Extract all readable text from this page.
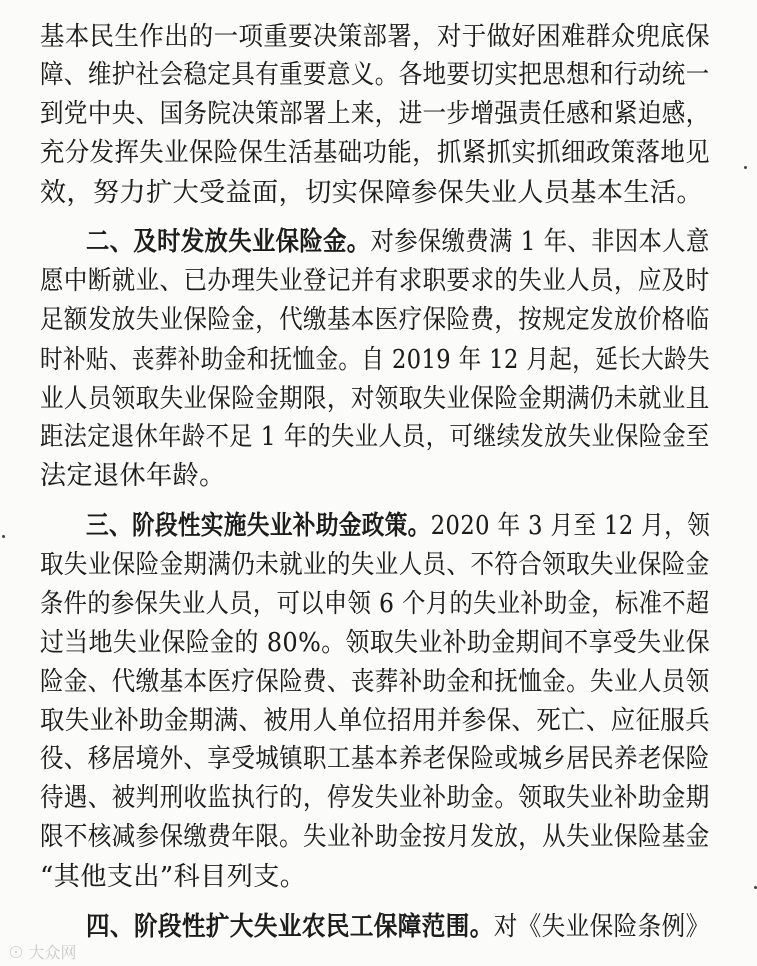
基本民生作出的一项重要决策部署，对于做好困难群众兜底保
障、维护社会稳定具有重要意义。各地要切实把思想和行动统一
到党中央、国务院决策部署上来，进一步增强责任感和紧迫感，
充分发挥失业保险保生活基础功能，抓紧抓实抓细政策落地见
效，努力扩大受益面，切实保障参保失业人员基本生活。
二、及时发放失业保险金。对参保缴费满 1 年、非因本人意
愿中断就业、已办理失业登记并有求职要求的失业人员，应及时
足额发放失业保险金，代缴基本医疗保险费，按规定发放价格临
时补贴、丧葬补助金和抚恤金。自 2019 年 12 月起，延长大龄失
业人员领取失业保险金期限，对领取失业保险金期满仍未就业且
距法定退休年龄不足 1 年的失业人员，可继续发放失业保险金至
法定退休年龄。
三、阶段性实施失业补助金政策。2020 年 3 月至 12 月，领
取失业保险金期满仍未就业的失业人员、不符合领取失业保险金
条件的参保失业人员，可以申领 6 个月的失业补助金，标准不超
过当地失业保险金的 80%。领取失业补助金期间不享受失业保
险金、代缴基本医疗保险费、丧葬补助金和抚恤金。失业人员领
取失业补助金期满、被用人单位招用并参保、死亡、应征服兵
役、移居境外、享受城镇职工基本养老保险或城乡居民养老保险
待遇、被判刑收监执行的，停发失业补助金。领取失业补助金期
限不核减参保缴费年限。失业补助金按月发放，从失业保险基金
“其他支出”科目列支。
四、阶段性扩大失业农民工保障范围。对《失业保险条例》
⊙ 大众网
